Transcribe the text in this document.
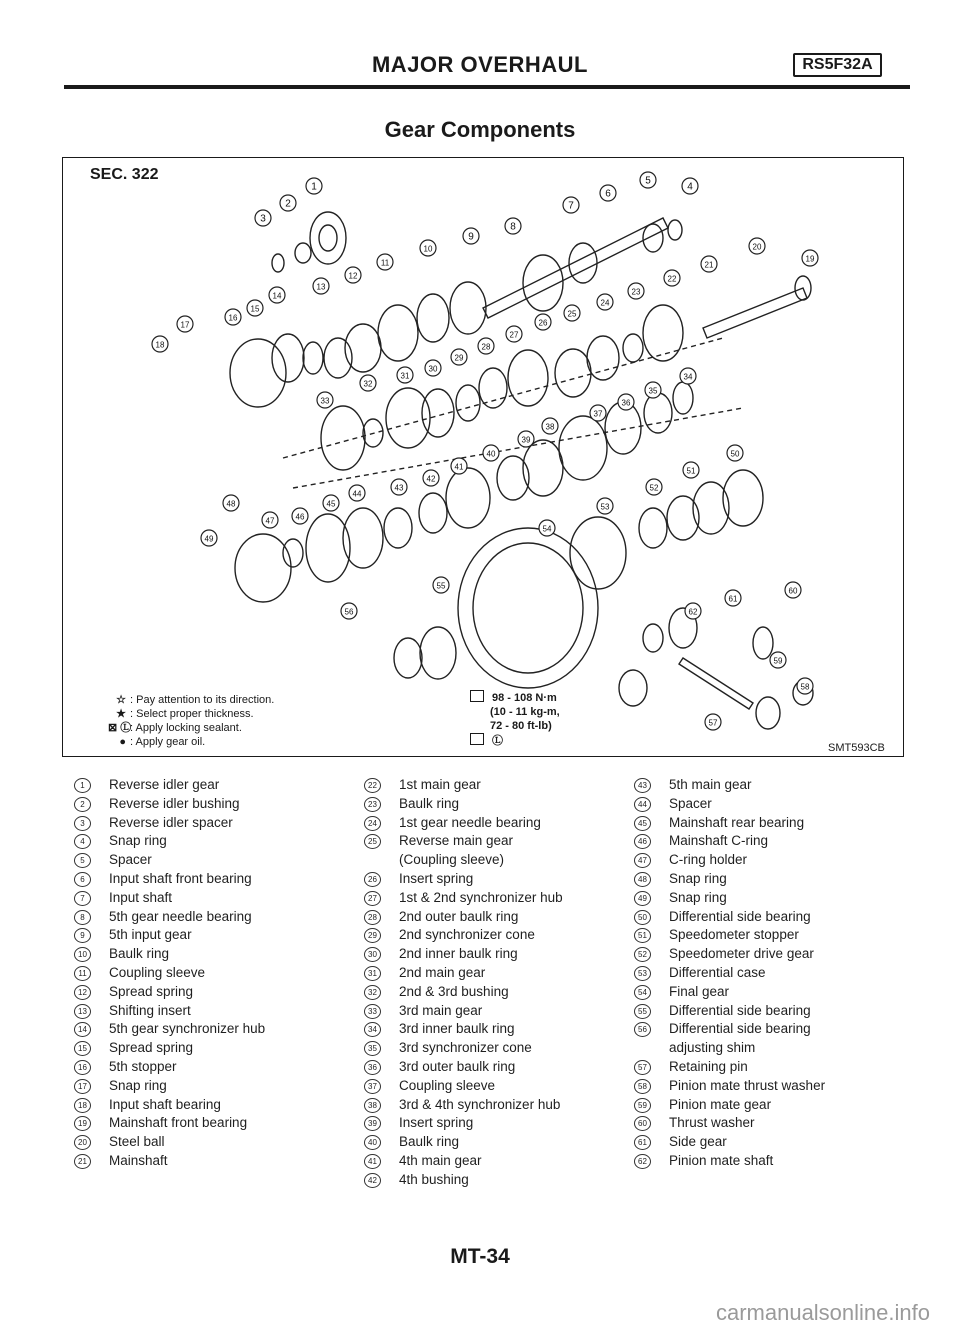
MAJOR OVERHAUL	RS5F32A
Gear Components
SEC. 322
1
2
3
4
5
6
7
8
9
10
11
12
13
14
15
16
17
18
19
20
21
22
23
24
25
26
27
28
29
30
31
32
33
34
35
36
37
38
39
40
41
42
43
44
45
46
47
48
49
50
51
52
53
54
55
56
57
58
59
60
61
62
☆ : Pay attention to its direction.
★ : Select proper thickness.
⊠ Ⓛ: Apply locking sealant.
● : Apply gear oil.
98 - 108 N·m
(10 - 11 kg-m,
72 - 80 ft-lb)
Ⓛ
SMT593CB
1	Reverse idler gear
2	Reverse idler bushing
3	Reverse idler spacer
4	Snap ring
5	Spacer
6	Input shaft front bearing
7	Input shaft
8	5th gear needle bearing
9	5th input gear
10 Baulk ring
11	Coupling sleeve
12 Spread spring
13 Shifting insert
14 5th gear synchronizer hub
15 Spread spring
16 5th stopper
17 Snap ring
18 Input shaft bearing
19 Mainshaft front bearing
20 Steel ball
21 Mainshaft
22 1st main gear
23 Baulk ring
24 1st gear needle bearing
25 Reverse main gear
(Coupling sleeve)
26 Insert spring
27 1st & 2nd synchronizer hub
28 2nd outer baulk ring
29 2nd synchronizer cone
30 2nd inner baulk ring
31 2nd main gear
32 2nd & 3rd bushing
33 3rd main gear
34 3rd inner baulk ring
35 3rd synchronizer cone
36 3rd outer baulk ring
37 Coupling sleeve
38 3rd & 4th synchronizer hub
39 Insert spring
40 Baulk ring
41 4th main gear
42 4th bushing
43 5th main gear
44 Spacer
45 Mainshaft rear bearing
46 Mainshaft C-ring
47 C-ring holder
48 Snap ring
49 Snap ring
50 Differential side bearing
51 Speedometer stopper
52 Speedometer drive gear
53 Differential case
54 Final gear
55 Differential side bearing
56 Differential side bearing
adjusting shim
57 Retaining pin
58 Pinion mate thrust washer
59 Pinion mate gear
60 Thrust washer
61 Side gear
62 Pinion mate shaft
MT-34
carmanualsonline.info
